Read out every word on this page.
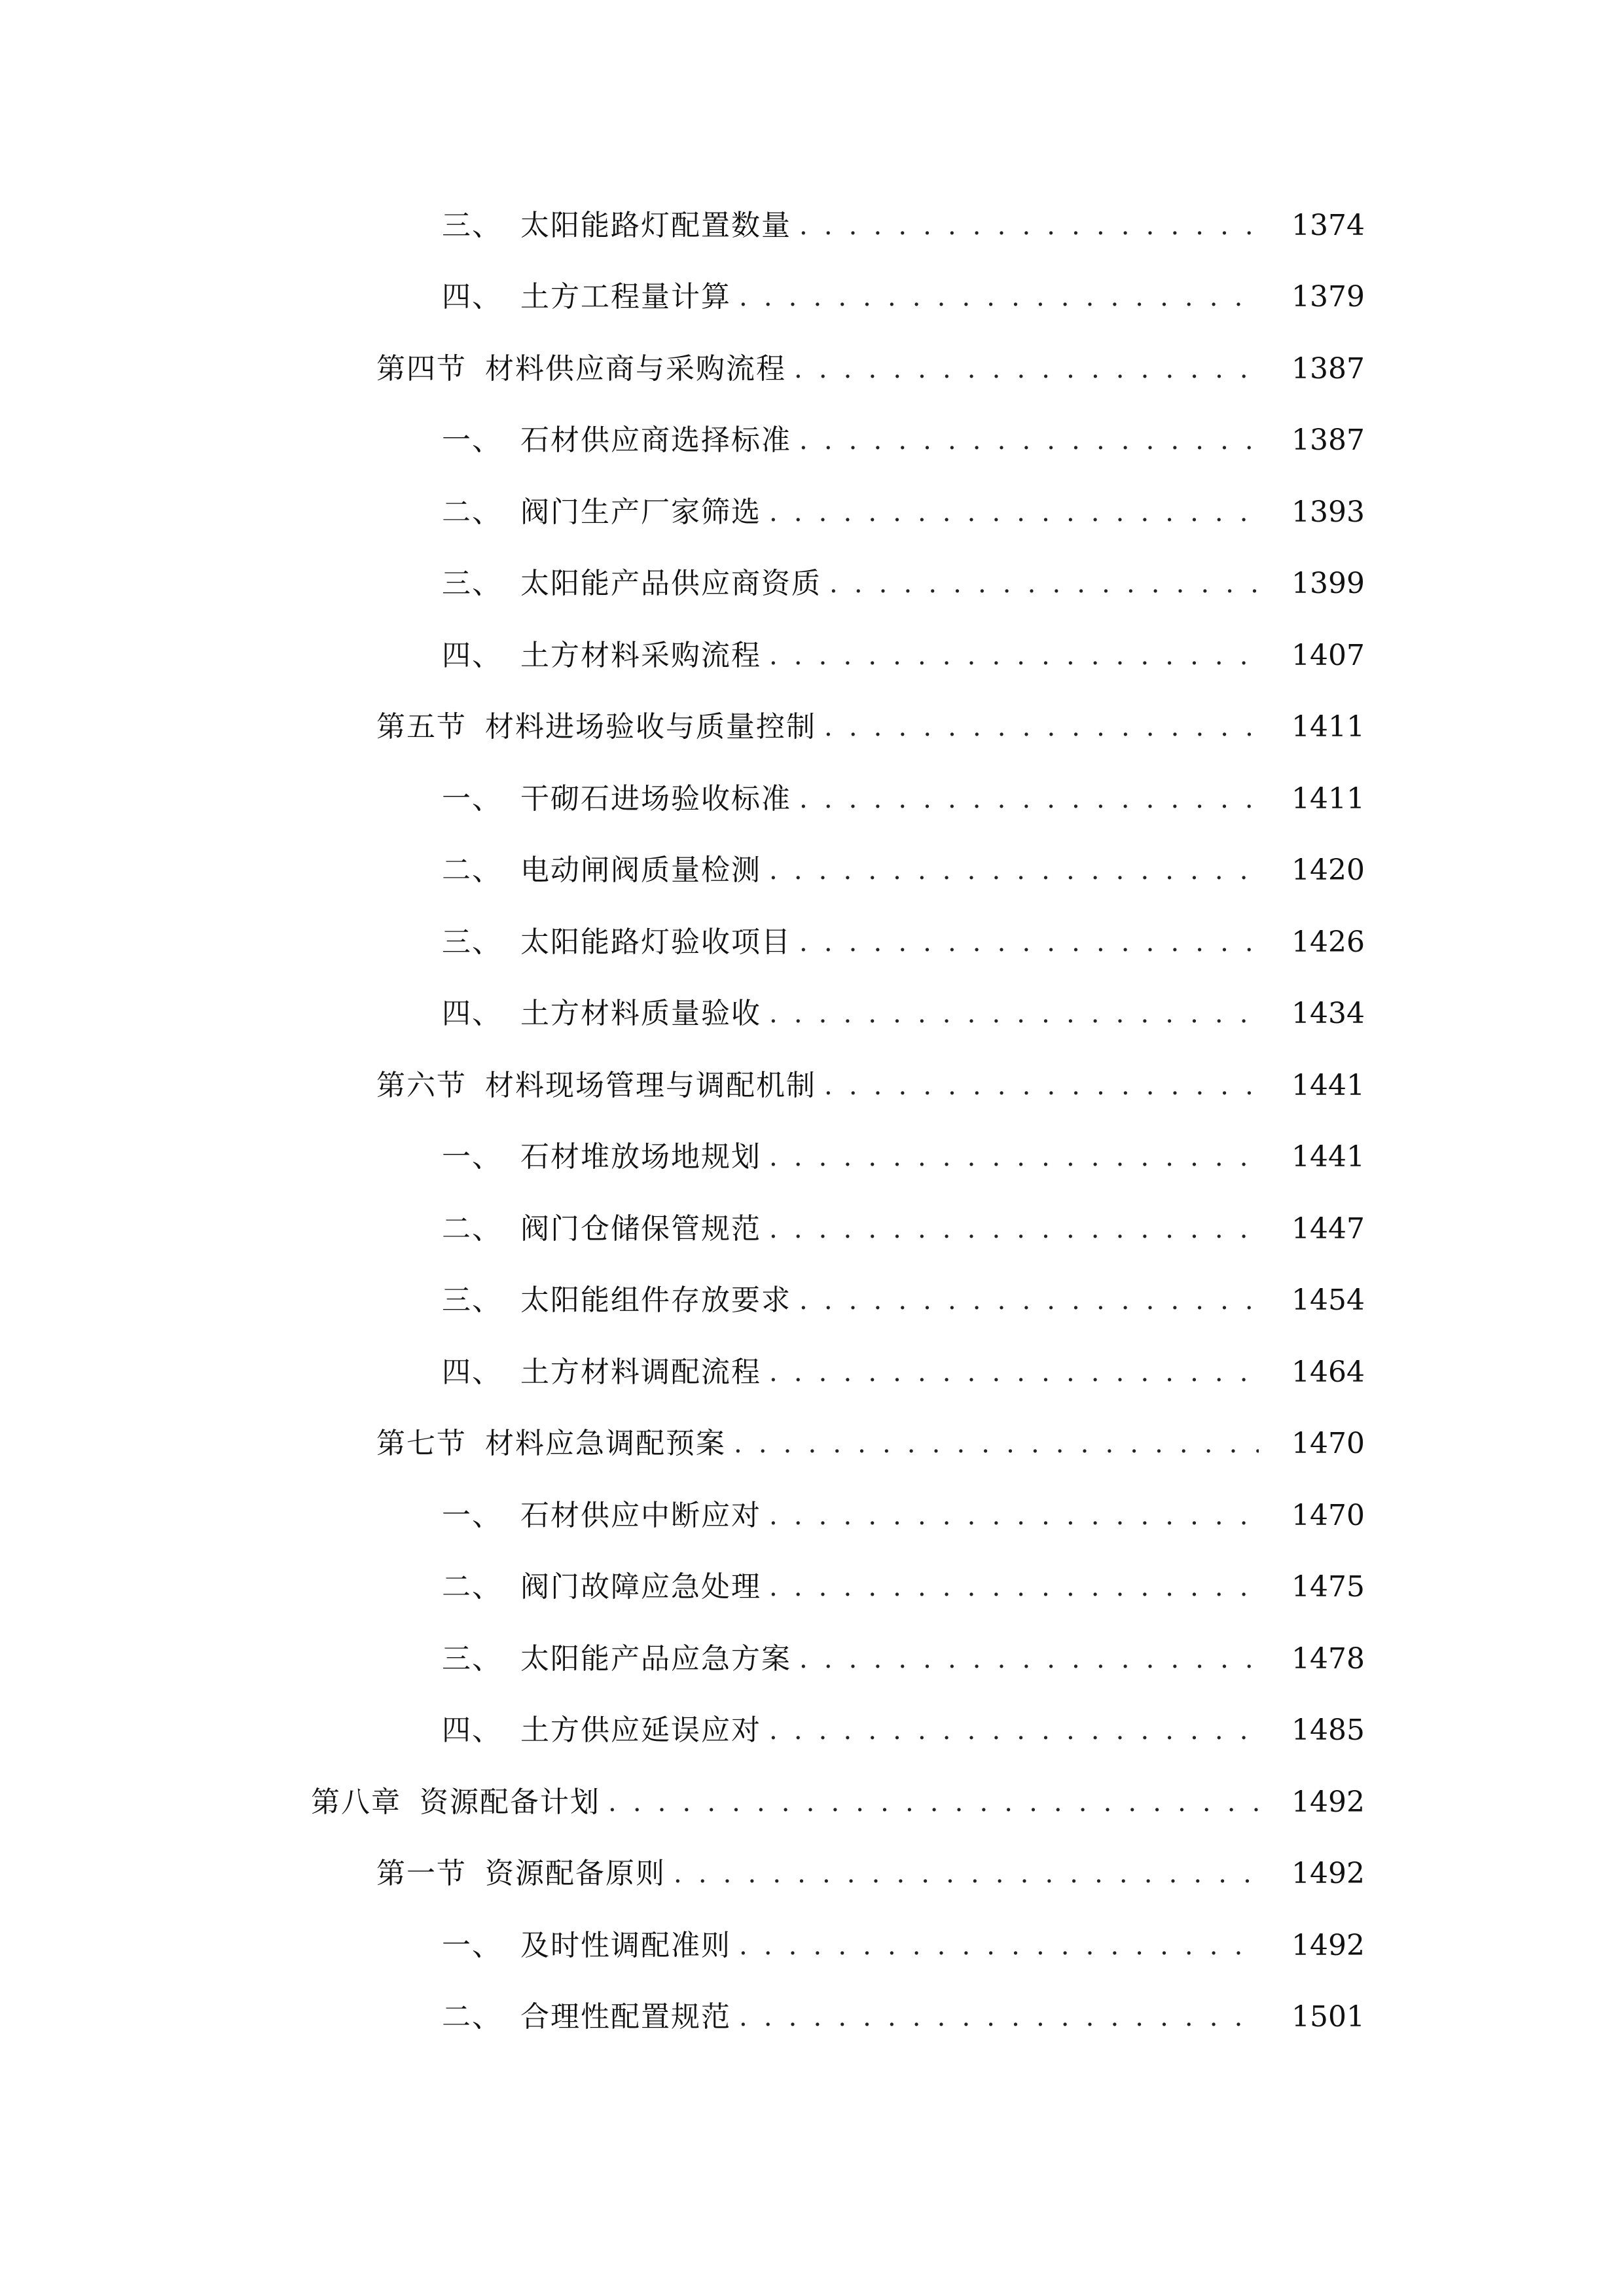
三、 太阳能路灯配置数量 . . .	1374
四、 土方工程量计算 . . .	1379
第四节 材料供应商与采购流程 . . .	1387
一、 石材供应商选择标准 . . .	1387
二、 阀门生产厂家筛选 . . .	1393
三、 太阳能产品供应商资质 . . .	1399
四、 土方材料采购流程 . . .	1407
第五节 材料进场验收与质量控制 . . .	1411
一、 干砌石进场验收标准 . . .	1411
二、 电动闸阀质量检测 . . .	1420
三、 太阳能路灯验收项目 . . .	1426
四、 土方材料质量验收 . . .	1434
第六节 材料现场管理与调配机制 . . .	1441
一、 石材堆放场地规划 . . .	1441
二、 阀门仓储保管规范 . . .	1447
三、 太阳能组件存放要求 . . .	1454
四、 土方材料调配流程 . . .	1464
第七节 材料应急调配预案 . . .	1470
一、 石材供应中断应对 . . .	1470
二、 阀门故障应急处理 . . .	1475
三、 太阳能产品应急方案 . . .	1478
四、 土方供应延误应对 . . .	1485
第八章 资源配备计划 . . .	1492
第一节 资源配备原则 . . .	1492
一、 及时性调配准则 . . .	1492
二、 合理性配置规范 . . .	1501
